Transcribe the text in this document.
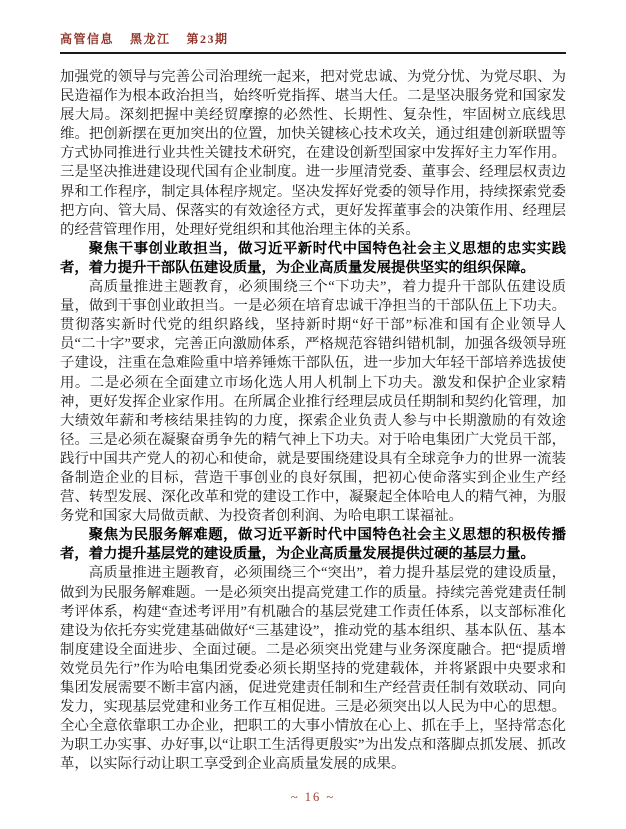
高管信息 黑龙江 第23期

加强党的领导与完善公司治理统一起来，把对党忠诚、为党分忧、为党尽职、为民造福作为根本政治担当，始终听党指挥、堪当大任。二是坚决服务党和国家发展大局。深刻把握中美经贸摩擦的必然性、长期性、复杂性，牢固树立底线思维。把创新摆在更加突出的位置，加快关键核心技术攻关，通过组建创新联盟等方式协同推进行业共性关键技术研究，在建设创新型国家中发挥好主力军作用。三是坚决推进建设现代国有企业制度。进一步厘清党委、董事会、经理层权责边界和工作程序，制定具体程序规定。坚决发挥好党委的领导作用，持续探索党委把方向、管大局、保落实的有效途径方式，更好发挥董事会的决策作用、经理层的经营管理作用，处理好党组织和其他治理主体的关系。

聚焦干事创业敢担当，做习近平新时代中国特色社会主义思想的忠实实践者，着力提升干部队伍建设质量，为企业高质量发展提供坚实的组织保障。

高质量推进主题教育，必须围绕三个“下功夫”，着力提升干部队伍建设质量，做到干事创业敢担当。一是必须在培育忠诚干净担当的干部队伍上下功夫。贯彻落实新时代党的组织路线，坚持新时期“好干部”标准和国有企业领导人员“二十字”要求，完善正向激励体系，严格规范容错纠错机制，加强各级领导班子建设，注重在急难险重中培养锤炼干部队伍，进一步加大年轻干部培养选拔使用。二是必须在全面建立市场化选人用人机制上下功夫。激发和保护企业家精神，更好发挥企业家作用。在所属企业推行经理层成员任期制和契约化管理，加大绩效年薪和考核结果挂钩的力度，探索企业负责人参与中长期激励的有效途径。三是必须在凝聚奋勇争先的精气神上下功夫。对于哈电集团广大党员干部，践行中国共产党人的初心和使命，就是要围绕建设具有全球竞争力的世界一流装备制造企业的目标，营造干事创业的良好氛围，把初心使命落实到企业生产经营、转型发展、深化改革和党的建设工作中，凝聚起全体哈电人的精气神，为服务党和国家大局做贡献、为投资者创利润、为哈电职工谋福祉。

聚焦为民服务解难题，做习近平新时代中国特色社会主义思想的积极传播者，着力提升基层党的建设质量，为企业高质量发展提供过硬的基层力量。

高质量推进主题教育，必须围绕三个“突出”，着力提升基层党的建设质量，做到为民服务解难题。一是必须突出提高党建工作的质量。持续完善党建责任制考评体系，构建“查述考评用”有机融合的基层党建工作责任体系，以支部标准化建设为依托夯实党建基础做好“三基建设”，推动党的基本组织、基本队伍、基本制度建设全面进步、全面过硬。二是必须突出党建与业务深度融合。把“提质增效党员先行”作为哈电集团党委必须长期坚持的党建载体，并将紧跟中央要求和集团发展需要不断丰富内涵，促进党建责任制和生产经营责任制有效联动、同向发力，实现基层党建和业务工作互相促进。三是必须突出以人民为中心的思想。全心全意依靠职工办企业，把职工的大事小情放在心上、抓在手上，坚持常态化为职工办实事、办好事,以“让职工生活得更殷实”为出发点和落脚点抓发展、抓改革，以实际行动让职工享受到企业高质量发展的成果。

~ 16 ~
